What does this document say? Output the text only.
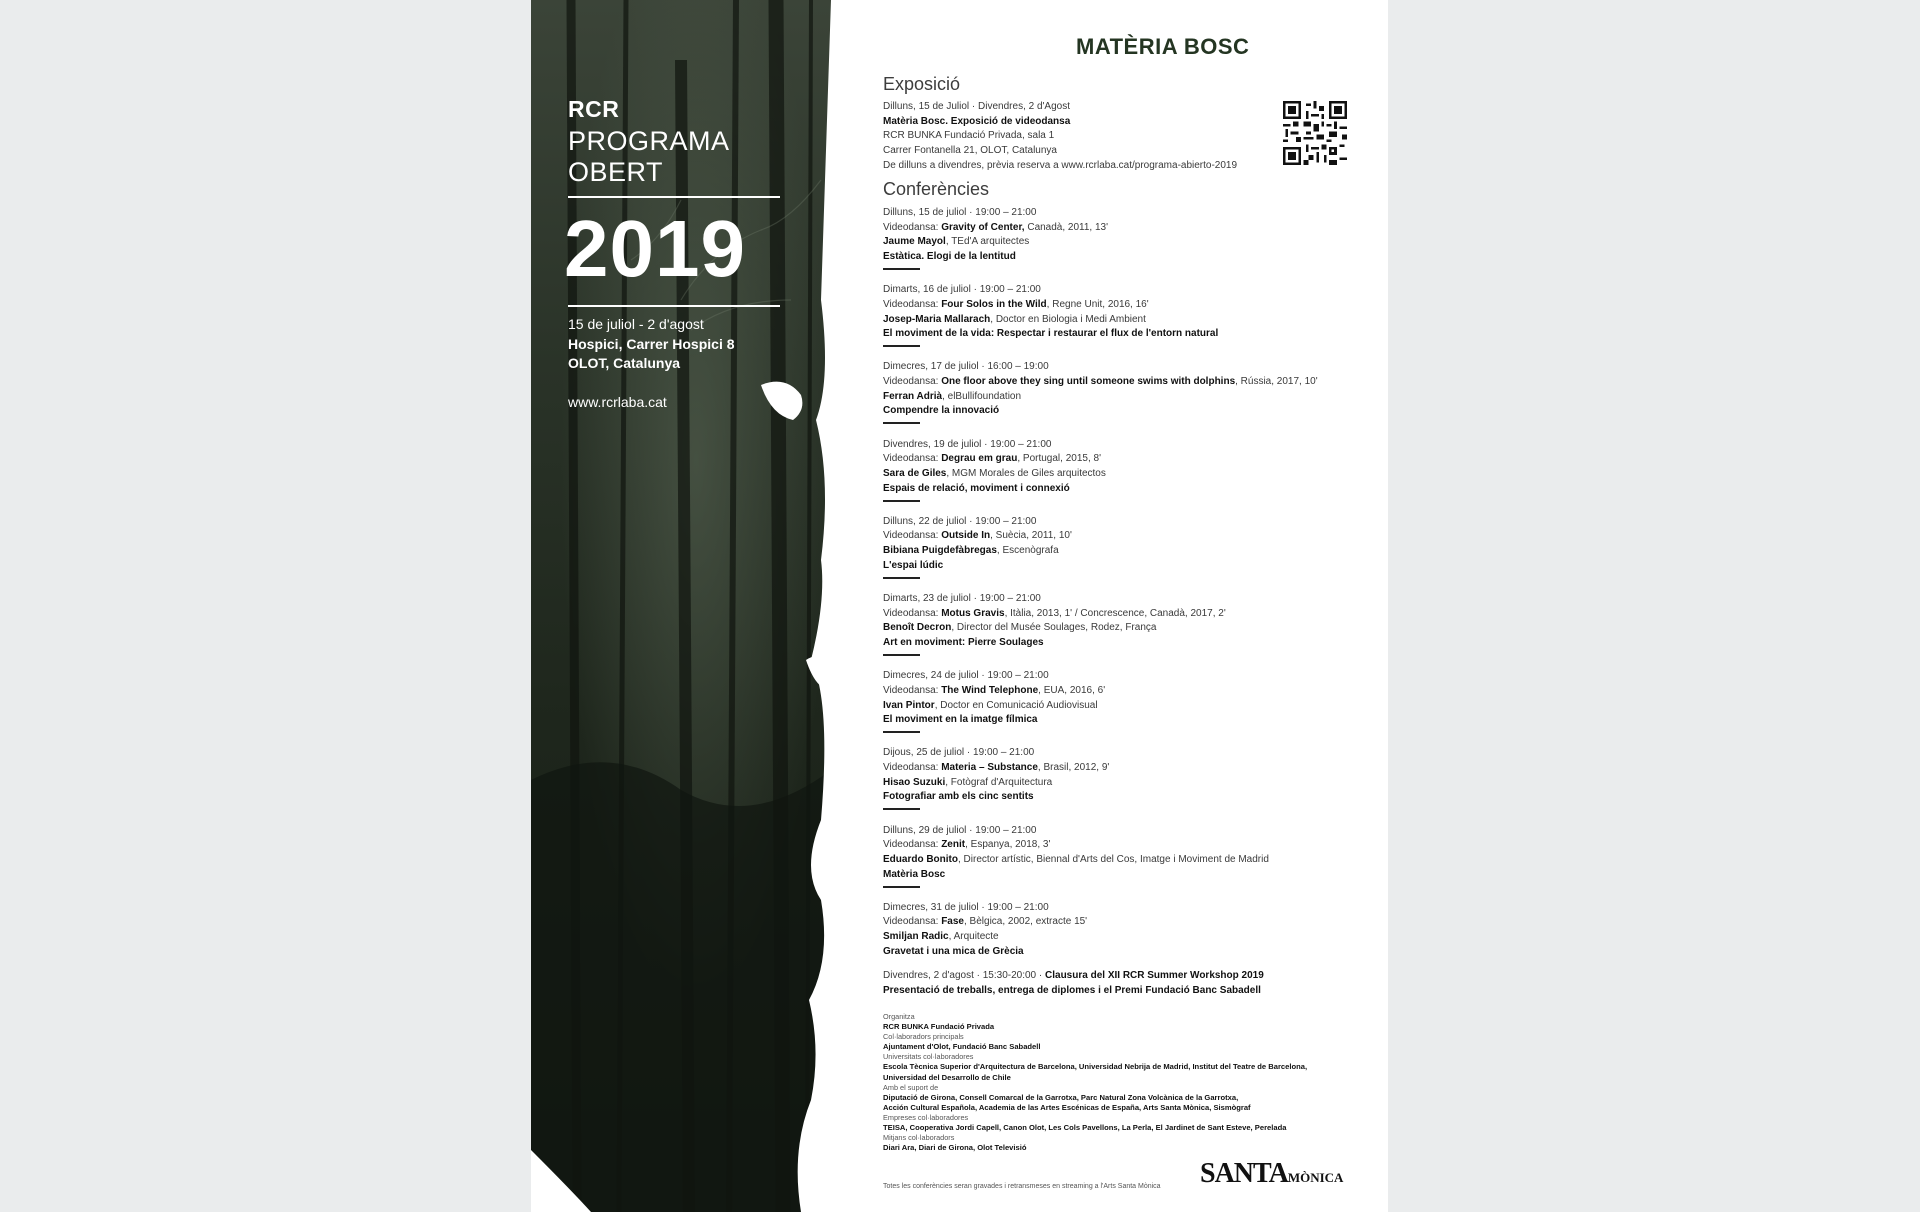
RCR
PROGRAMA
OBERT
2019
15 de juliol - 2 d'agost
Hospici, Carrer Hospici 8
OLOT, Catalunya
www.rcrlaba.cat
MATÈRIA BOSC
Exposició
Dilluns, 15 de Juliol · Divendres, 2 d'Agost
Matèria Bosc. Exposició de videodansa
RCR BUNKA Fundació Privada, sala 1
Carrer Fontanella 21, OLOT, Catalunya
De dilluns a divendres, prèvia reserva a www.rcrlaba.cat/programa-abierto-2019
Conferències
Dilluns, 15 de juliol · 19:00 – 21:00
Videodansa: Gravity of Center, Canadà, 2011, 13'
Jaume Mayol, TEd'A arquitectes
Estàtica. Elogi de la lentitud
Dimarts, 16 de juliol · 19:00 – 21:00
Videodansa: Four Solos in the Wild, Regne Unit, 2016, 16'
Josep-Maria Mallarach, Doctor en Biologia i Medi Ambient
El moviment de la vida: Respectar i restaurar el flux de l'entorn natural
Dimecres, 17 de juliol · 16:00 – 19:00
Videodansa: One floor above they sing until someone swims with dolphins, Rússia, 2017, 10'
Ferran Adrià, elBullifoundation
Compendre la innovació
Divendres, 19 de juliol · 19:00 – 21:00
Videodansa: Degrau em grau, Portugal, 2015, 8'
Sara de Giles, MGM Morales de Giles arquitectos
Espais de relació, moviment i connexió
Dilluns, 22 de juliol · 19:00 – 21:00
Videodansa: Outside In, Suècia, 2011, 10'
Bibiana Puigdefàbregas, Escenògrafa
L'espai lúdic
Dimarts, 23 de juliol · 19:00 – 21:00
Videodansa: Motus Gravis, Itàlia, 2013, 1' / Concrescence, Canadà, 2017, 2'
Benoît Decron, Director del Musée Soulages, Rodez, França
Art en moviment: Pierre Soulages
Dimecres, 24 de juliol · 19:00 – 21:00
Videodansa: The Wind Telephone, EUA, 2016, 6'
Ivan Pintor, Doctor en Comunicació Audiovisual
El moviment en la imatge fílmica
Dijous, 25 de juliol · 19:00 – 21:00
Videodansa: Materia – Substance, Brasil, 2012, 9'
Hisao Suzuki, Fotògraf d'Arquitectura
Fotografiar amb els cinc sentits
Dilluns, 29 de juliol · 19:00 – 21:00
Videodansa: Zenit, Espanya, 2018, 3'
Eduardo Bonito, Director artístic, Biennal d'Arts del Cos, Imatge i Moviment de Madrid
Matèria Bosc
Dimecres, 31 de juliol · 19:00 – 21:00
Videodansa: Fase, Bèlgica, 2002, extracte 15'
Smiljan Radic, Arquitecte
Gravetat i una mica de Grècia
Divendres, 2 d'agost · 15:30-20:00 · Clausura del XII RCR Summer Workshop 2019
Presentació de treballs, entrega de diplomes i el Premi Fundació Banc Sabadell
Organitza
RCR BUNKA Fundació Privada
Col·laboradors principals
Ajuntament d'Olot, Fundació Banc Sabadell
Universitats col·laboradores
Escola Tècnica Superior d'Arquitectura de Barcelona, Universidad Nebrija de Madrid, Institut del Teatre de Barcelona,
Universidad del Desarrollo de Chile
Amb el suport de
Diputació de Girona, Consell Comarcal de la Garrotxa, Parc Natural Zona Volcànica de la Garrotxa,
Acción Cultural Española, Academia de las Artes Escénicas de España, Arts Santa Mònica, Sismògraf
Empreses col·laboradores
TEISA, Cooperativa Jordi Capell, Canon Olot, Les Cols Pavellons, La Perla, El Jardinet de Sant Esteve, Perelada
Mitjans col·laboradors
Diari Ara, Diari de Girona, Olot Televisió
Totes les conferències seran gravades i retransmeses en streaming a l'Arts Santa Mònica SANTAMÒNICA
